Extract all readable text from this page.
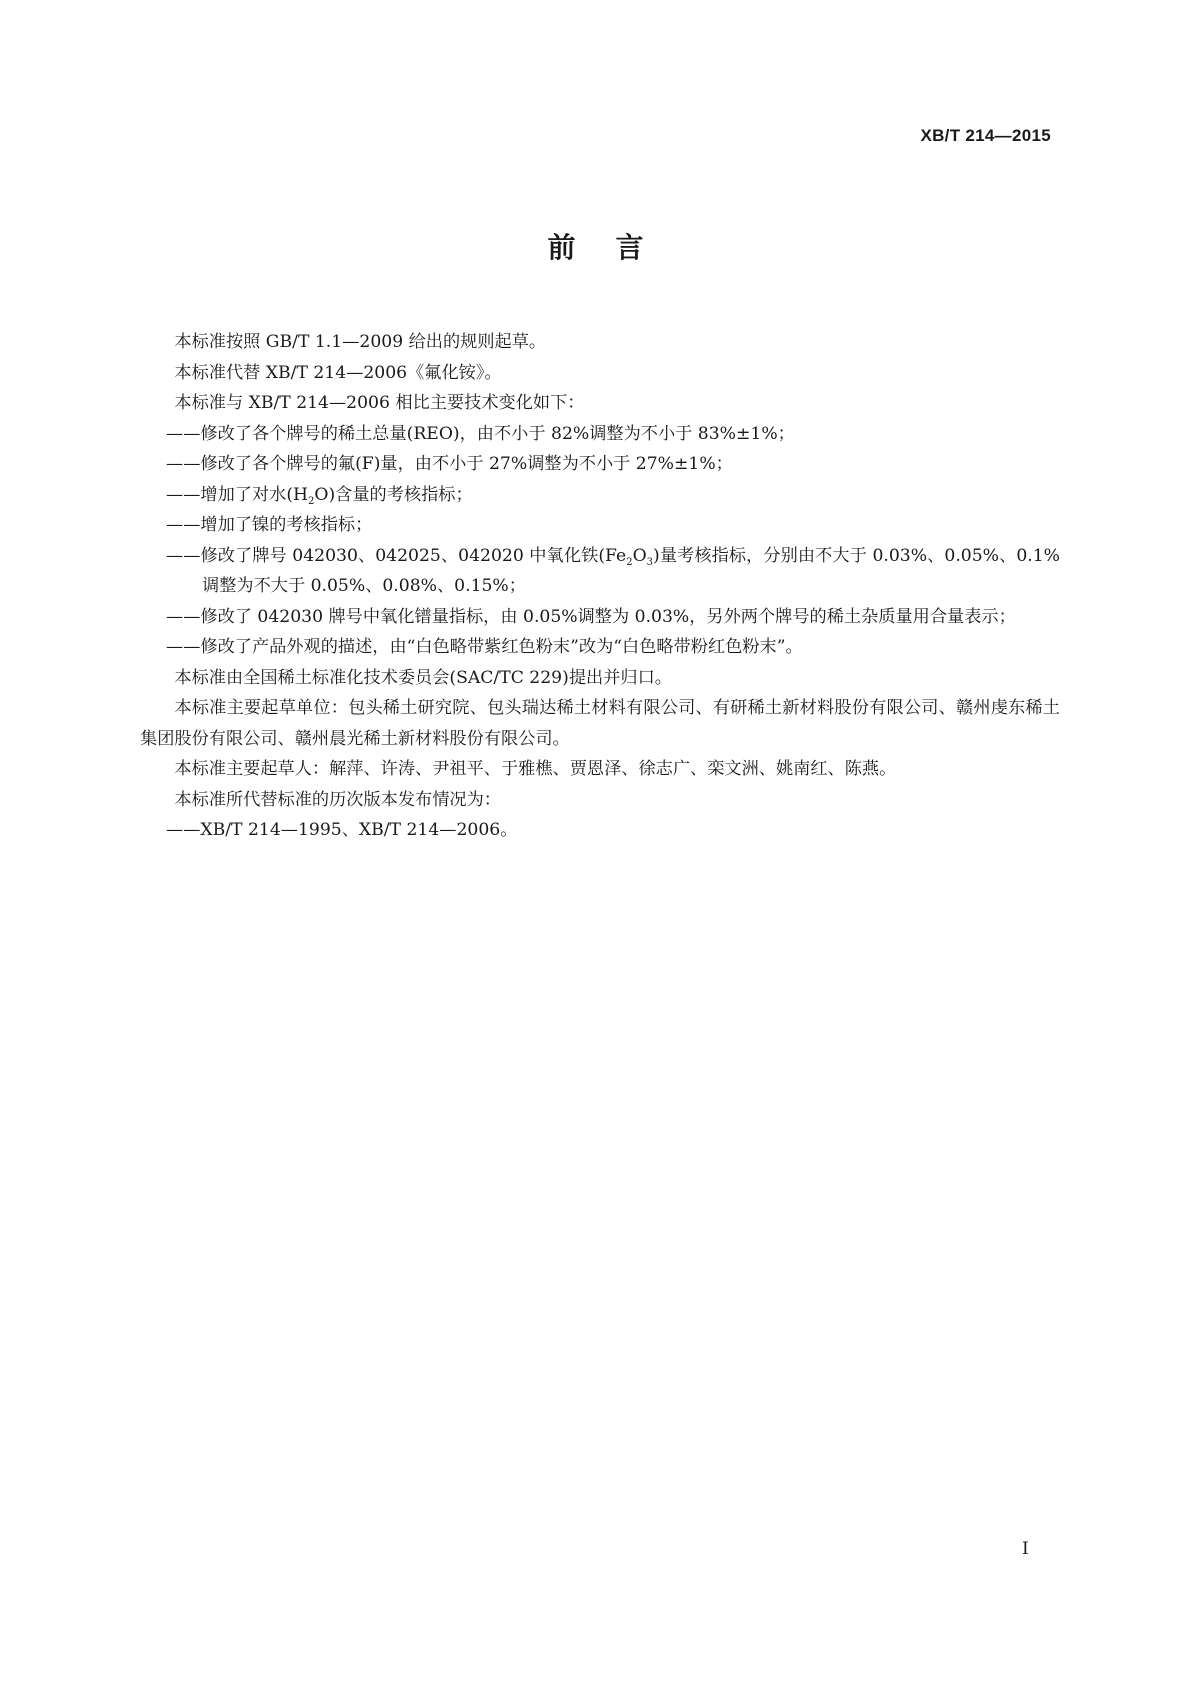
XB/T 214—2015
前言

本标准按照 GB/T 1.1—2009 给出的规则起草。

本标准代替 XB/T 214—2006《氟化铵》。

本标准与 XB/T 214—2006 相比主要技术变化如下：

——修改了各个牌号的稀土总量(REO)，由不小于 82%调整为不小于 83%±1%；

——修改了各个牌号的氟(F)量，由不小于 27%调整为不小于 27%±1%；

——增加了对水$(H_2O)$含量的考核指标；

——增加了镍的考核指标；

——修改了牌号 042030、042025、042020 中氧化铁$(Fe_2O_3)$量考核指标，分别由不大于 0.03%、0.05%、0.1%调整为不大于 0.05%、0.08%、0.15%；

——修改了 042030 牌号中氧化镨量指标，由 0.05%调整为 0.03%，另外两个牌号的稀土杂质量用合量表示；

——修改了产品外观的描述，由“白色略带紫红色粉末”改为“白色略带粉红色粉末”。

本标准由全国稀土标准化技术委员会(SAC/TC 229)提出并归口。

本标准主要起草单位：包头稀土研究院、包头瑞达稀土材料有限公司、有研稀土新材料股份有限公司、赣州虔东稀土集团股份有限公司、赣州晨光稀土新材料股份有限公司。

本标准主要起草人：解萍、许涛、尹祖平、于雅樵、贾恩泽、徐志广、栾文洲、姚南红、陈燕。

本标准所代替标准的历次版本发布情况为：

——XB/T 214—1995、XB/T 214—2006。

I
